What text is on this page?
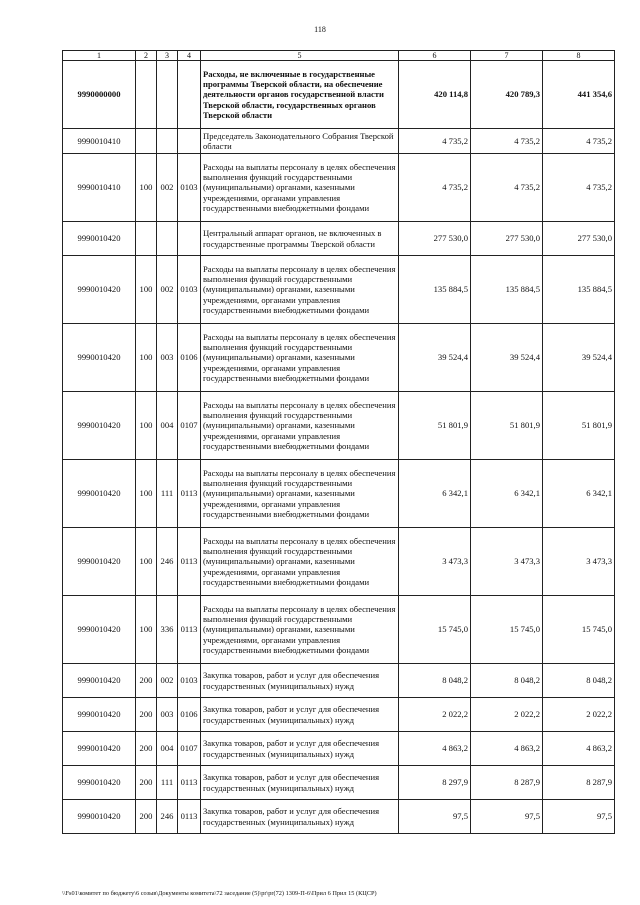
118
1	2	3	4	5	6	7	8
9990000000				Расходы, не включенные в государственные программы Тверской области, на обеспечение деятельности органов государственной власти Тверской области, государственных органов Тверской области	420 114,8	420 789,3	441 354,6
9990010410				Председатель Законодательного Собрания Тверской области	4 735,2	4 735,2	4 735,2
9990010410	100	002	0103	Расходы на выплаты персоналу в целях обеспечения выполнения функций государственными (муниципальными) органами, казенными учреждениями, органами управления государственными внебюджетными фондами	4 735,2	4 735,2	4 735,2
9990010420				Центральный аппарат органов, не включенных в государственные программы Тверской области	277 530,0	277 530,0	277 530,0
9990010420	100	002	0103	Расходы на выплаты персоналу в целях обеспечения выполнения функций государственными (муниципальными) органами, казенными учреждениями, органами управления государственными внебюджетными фондами	135 884,5	135 884,5	135 884,5
9990010420	100	003	0106	Расходы на выплаты персоналу в целях обеспечения выполнения функций государственными (муниципальными) органами, казенными учреждениями, органами управления государственными внебюджетными фондами	39 524,4	39 524,4	39 524,4
9990010420	100	004	0107	Расходы на выплаты персоналу в целях обеспечения выполнения функций государственными (муниципальными) органами, казенными учреждениями, органами управления государственными внебюджетными фондами	51 801,9	51 801,9	51 801,9
9990010420	100	111	0113	Расходы на выплаты персоналу в целях обеспечения выполнения функций государственными (муниципальными) органами, казенными учреждениями, органами управления государственными внебюджетными фондами	6 342,1	6 342,1	6 342,1
9990010420	100	246	0113	Расходы на выплаты персоналу в целях обеспечения выполнения функций государственными (муниципальными) органами, казенными учреждениями, органами управления государственными внебюджетными фондами	3 473,3	3 473,3	3 473,3
9990010420	100	336	0113	Расходы на выплаты персоналу в целях обеспечения выполнения функций государственными (муниципальными) органами, казенными учреждениями, органами управления государственными внебюджетными фондами	15 745,0	15 745,0	15 745,0
9990010420	200	002	0103	Закупка товаров, работ и услуг для обеспечения государственных (муниципальных) нужд	8 048,2	8 048,2	8 048,2
9990010420	200	003	0106	Закупка товаров, работ и услуг для обеспечения государственных (муниципальных) нужд	2 022,2	2 022,2	2 022,2
9990010420	200	004	0107	Закупка товаров, работ и услуг для обеспечения государственных (муниципальных) нужд	4 863,2	4 863,2	4 863,2
9990010420	200	111	0113	Закупка товаров, работ и услуг для обеспечения государственных (муниципальных) нужд	8 297,9	8 287,9	8 287,9
9990010420	200	246	0113	Закупка товаров, работ и услуг для обеспечения государственных (муниципальных) нужд	97,5	97,5	97,5
\\Fs01\комитет по бюджету\6 созыв\Документы комитета\72 заседание (5)\pr\pr(72) 1309-П-6\Прил 6 Прил 15 (КЦСР)
